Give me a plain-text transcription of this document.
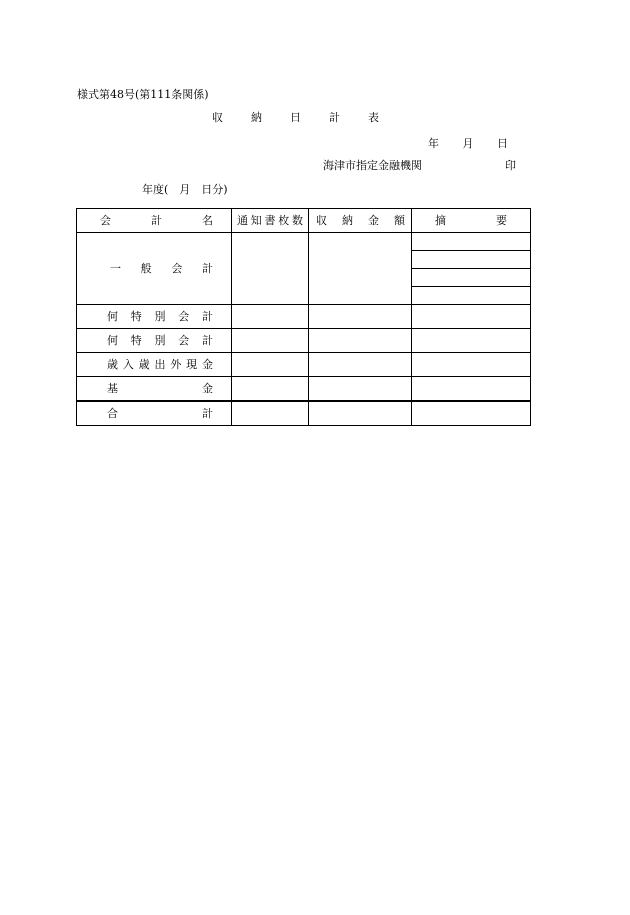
様式第48号(第111条関係)
収納日計表
年 月 日
海津市指定金融機関	印
年度(　月　日分)
会計名	通知書枚数	収納金額	摘要

一般会計			

何特別会計			

何特別会計			

歳入歳出外現金			

基金			

合計			
